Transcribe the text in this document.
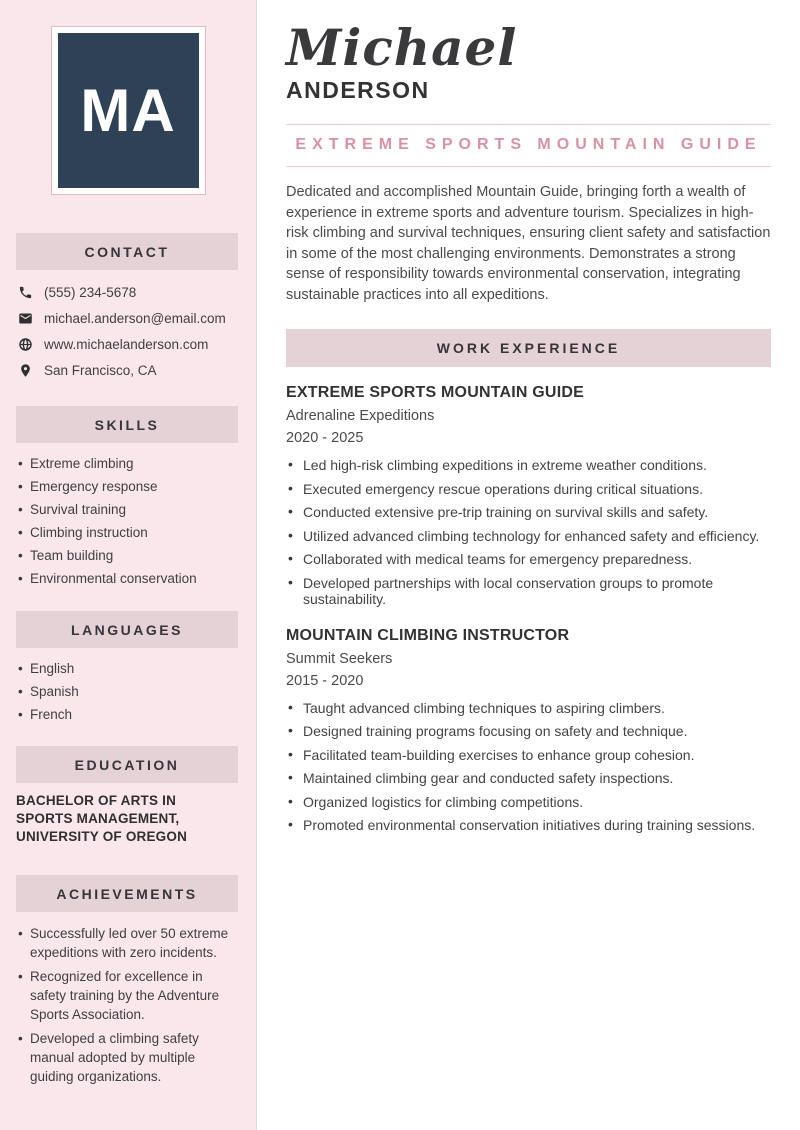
MA
CONTACT
(555) 234-5678
michael.anderson@email.com
www.michaelanderson.com
San Francisco, CA
SKILLS
• Extreme climbing
• Emergency response
• Survival training
• Climbing instruction
• Team building
• Environmental conservation
LANGUAGES
• English
• Spanish
• French
EDUCATION
BACHELOR OF ARTS IN SPORTS MANAGEMENT, UNIVERSITY OF OREGON
ACHIEVEMENTS
• Successfully led over 50 extreme expeditions with zero incidents.
• Recognized for excellence in safety training by the Adventure Sports Association.
• Developed a climbing safety manual adopted by multiple guiding organizations.
Michael
ANDERSON
EXTREME SPORTS MOUNTAIN GUIDE

Dedicated and accomplished Mountain Guide, bringing forth a wealth of experience in extreme sports and adventure tourism. Specializes in high-risk climbing and survival techniques, ensuring client safety and satisfaction in some of the most challenging environments. Demonstrates a strong sense of responsibility towards environmental conservation, integrating sustainable practices into all expeditions.

WORK EXPERIENCE
EXTREME SPORTS MOUNTAIN GUIDE
Adrenaline Expeditions
2020 - 2025
• Led high-risk climbing expeditions in extreme weather conditions.
• Executed emergency rescue operations during critical situations.
• Conducted extensive pre-trip training on survival skills and safety.
• Utilized advanced climbing technology for enhanced safety and efficiency.
• Collaborated with medical teams for emergency preparedness.
• Developed partnerships with local conservation groups to promote sustainability.
MOUNTAIN CLIMBING INSTRUCTOR
Summit Seekers
2015 - 2020
• Taught advanced climbing techniques to aspiring climbers.
• Designed training programs focusing on safety and technique.
• Facilitated team-building exercises to enhance group cohesion.
• Maintained climbing gear and conducted safety inspections.
• Organized logistics for climbing competitions.
• Promoted environmental conservation initiatives during training sessions.
